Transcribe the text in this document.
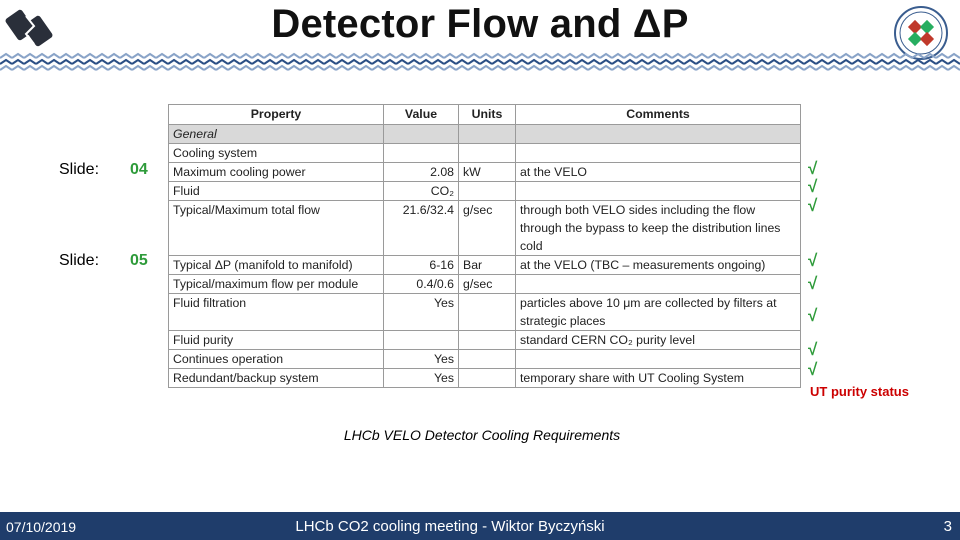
Detector Flow and ΔP
Slide: 04
Slide: 05
Property	Value	Units	Comments
General			
Cooling system			
Maximum cooling power	2.08	kW	at the VELO
Fluid	CO₂		
Typical/Maximum total flow	21.6/32.4	g/sec	through both VELO sides including the flow through the bypass to keep the distribution lines cold
Typical ΔP (manifold to manifold)	6-16	Bar	at the VELO (TBC – measurements ongoing)
Typical/maximum flow per module	0.4/0.6	g/sec	
Fluid filtration	Yes		particles above 10 μm are collected by filters at strategic places
Fluid purity			standard CERN CO₂ purity level
Continues operation	Yes		
Redundant/backup system	Yes		temporary share with UT Cooling System
√
√
√
√
√
√
√
√
UT purity status
LHCb VELO Detector Cooling Requirements
07/10/2019	LHCb CO2 cooling meeting - Wiktor Byczyński	3
